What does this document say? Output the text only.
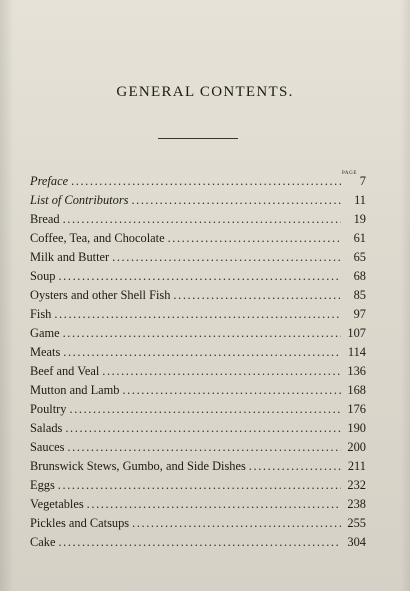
GENERAL CONTENTS.
PAGE
Preface .....	7
List of Contributors .....	11
Bread .....	19
Coffee, Tea, and Chocolate .....	61
Milk and Butter .....	65
Soup .....	68
Oysters and other Shell Fish .....	85
Fish .....	97
Game .....	107
Meats .....	114
Beef and Veal .....	136
Mutton and Lamb .....	168
Poultry .....	176
Salads .....	190
Sauces .....	200
Brunswick Stews, Gumbo, and Side Dishes .....	211
Eggs .....	232
Vegetables .....	238
Pickles and Catsups .....	255
Cake .....	304
